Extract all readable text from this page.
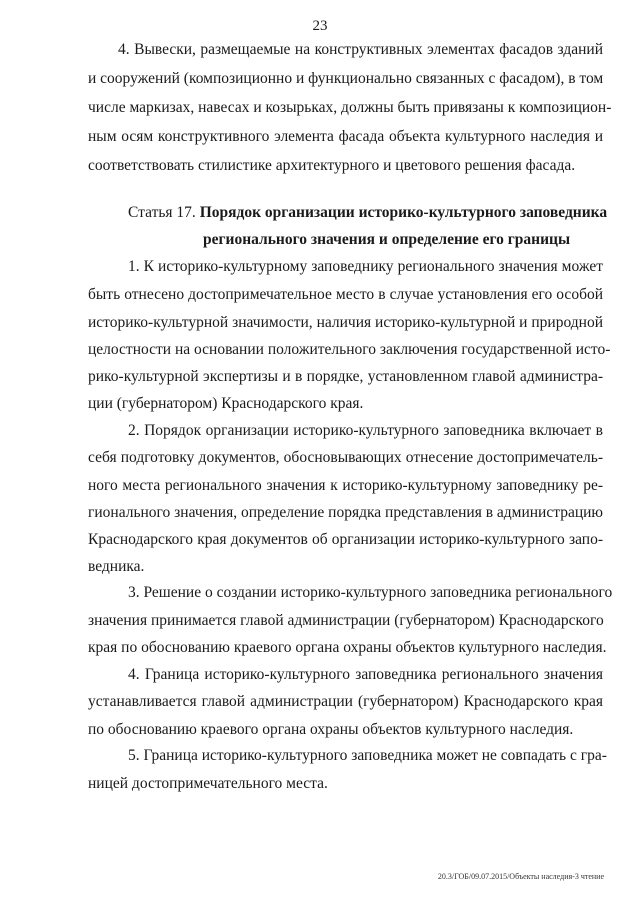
23
4. Вывески, размещаемые на конструктивных элементах фасадов зданий
и сооружений (композиционно и функционально связанных с фасадом), в том
числе маркизах, навесах и козырьках, должны быть привязаны к композицион-
ным осям конструктивного элемента фасада объекта культурного наследия и
соответствовать стилистике архитектурного и цветового решения фасада.
Статья 17. Порядок организации историко-культурного заповедника
регионального значения и определение его границы
1. К историко-культурному заповеднику регионального значения может
быть отнесено достопримечательное место в случае установления его особой
историко-культурной значимости, наличия историко-культурной и природной
целостности на основании положительного заключения государственной исто-
рико-культурной экспертизы и в порядке, установленном главой администра-
ции (губернатором) Краснодарского края.
2. Порядок организации историко-культурного заповедника включает в
себя подготовку документов, обосновывающих отнесение достопримечатель-
ного места регионального значения к историко-культурному заповеднику ре-
гионального значения, определение порядка представления в администрацию
Краснодарского края документов об организации историко-культурного запо-
ведника.
3. Решение о создании историко-культурного заповедника регионального
значения принимается главой администрации (губернатором) Краснодарского
края по обоснованию краевого органа охраны объектов культурного наследия.
4. Граница историко-культурного заповедника регионального значения
устанавливается главой администрации (губернатором) Краснодарского края
по обоснованию краевого органа охраны объектов культурного наследия.
5. Граница историко-культурного заповедника может не совпадать с гра-
ницей достопримечательного места.
20.3/ГОБ/09.07.2015/Объекты наследия-3 чтение
